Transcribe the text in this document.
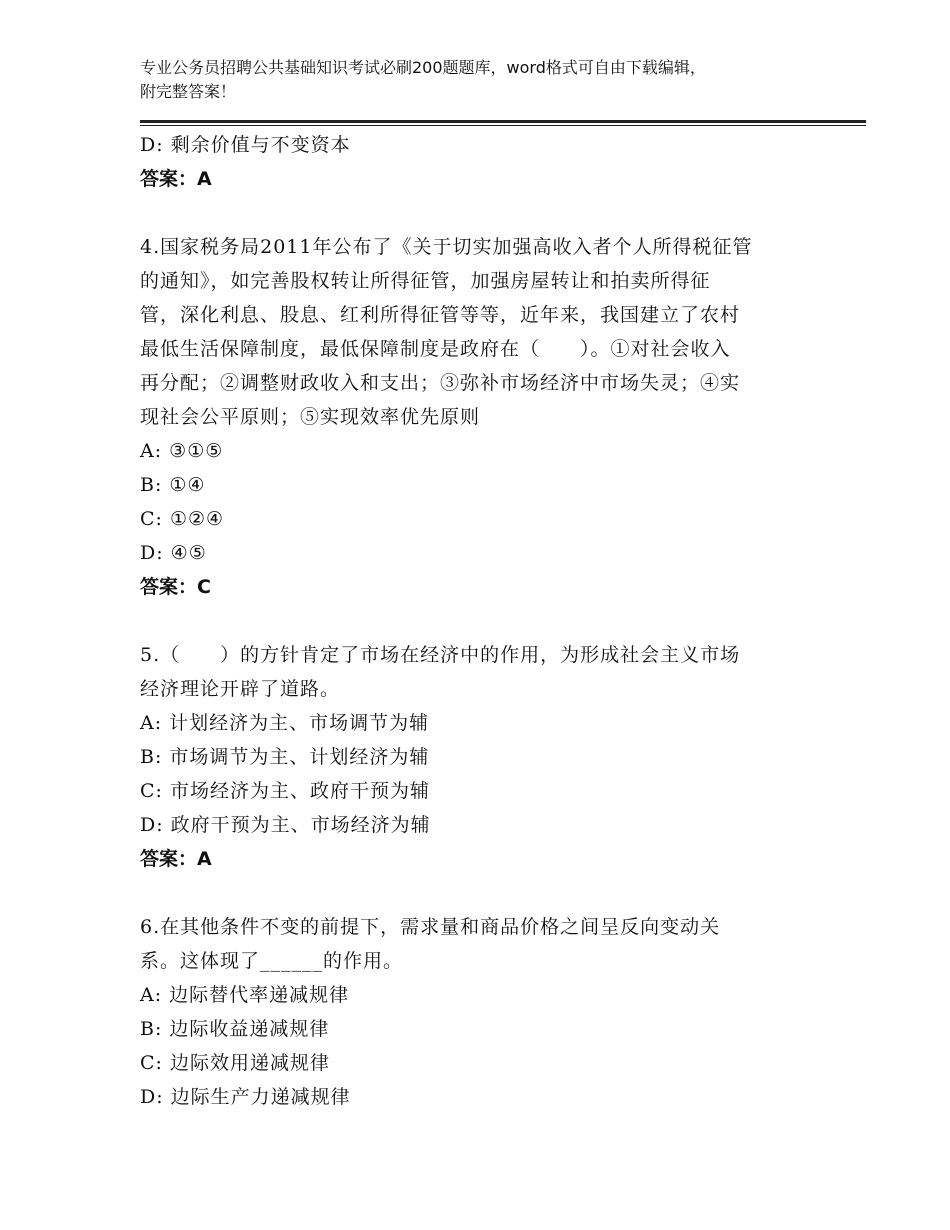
专业公务员招聘公共基础知识考试必刷200题题库，word格式可自由下载编辑，
附完整答案！
D: 剩余价值与不变资本
答案：A
4.国家税务局2011年公布了《关于切实加强高收入者个人所得税征管
的通知》，如完善股权转让所得征管，加强房屋转让和拍卖所得征
管，深化利息、股息、红利所得征管等等，近年来，我国建立了农村
最低生活保障制度，最低保障制度是政府在（　　）。①对社会收入
再分配；②调整财政收入和支出；③弥补市场经济中市场失灵；④实
现社会公平原则；⑤实现效率优先原则
A: ③①⑤
B: ①④
C: ①②④
D: ④⑤
答案：C
5.（　　）的方针肯定了市场在经济中的作用，为形成社会主义市场
经济理论开辟了道路。
A: 计划经济为主、市场调节为辅
B: 市场调节为主、计划经济为辅
C: 市场经济为主、政府干预为辅
D: 政府干预为主、市场经济为辅
答案：A
6.在其他条件不变的前提下，需求量和商品价格之间呈反向变动关
系。这体现了______的作用。
A: 边际替代率递减规律
B: 边际收益递减规律
C: 边际效用递减规律
D: 边际生产力递减规律
